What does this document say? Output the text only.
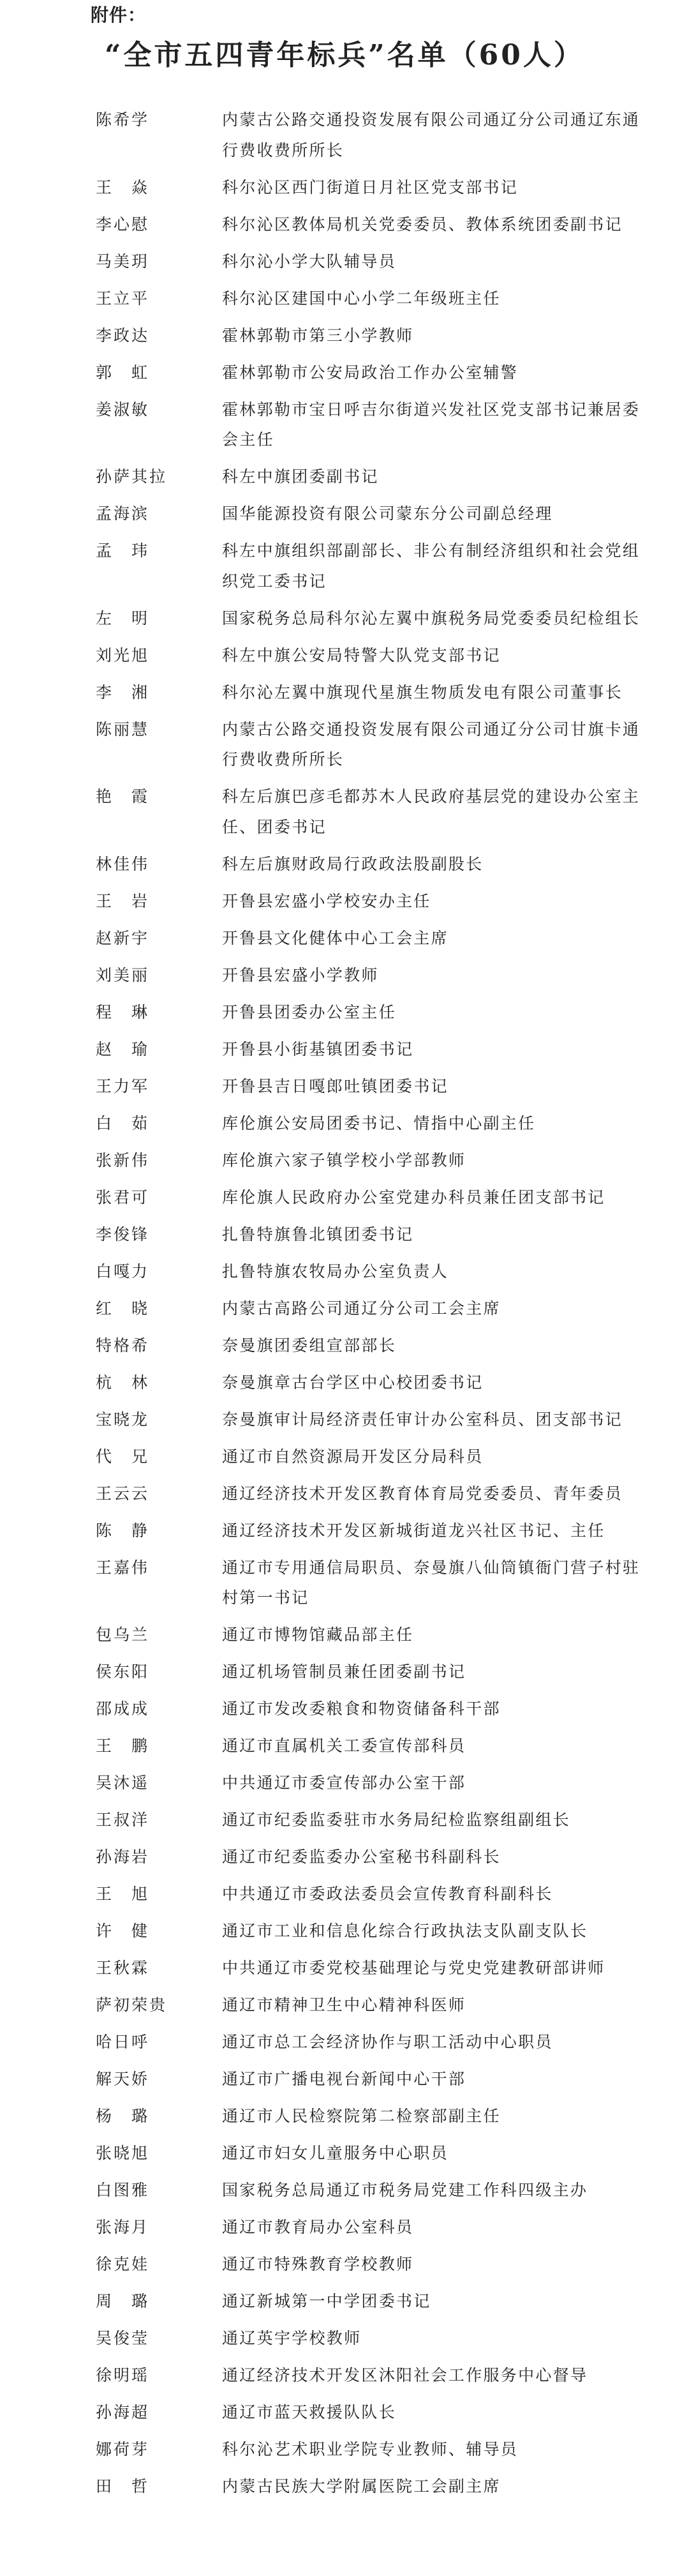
附件：
“全市五四青年标兵”名单（60人）
陈希学	内蒙古公路交通投资发展有限公司通辽分公司通辽东通行费收费所所长
王　焱	科尔沁区西门街道日月社区党支部书记
李心慰	科尔沁区教体局机关党委委员、教体系统团委副书记
马美玥	科尔沁小学大队辅导员
王立平	科尔沁区建国中心小学二年级班主任
李政达	霍林郭勒市第三小学教师
郭　虹	霍林郭勒市公安局政治工作办公室辅警
姜淑敏	霍林郭勒市宝日呼吉尔街道兴发社区党支部书记兼居委会主任
孙萨其拉	科左中旗团委副书记
孟海滨	国华能源投资有限公司蒙东分公司副总经理
孟　玮	科左中旗组织部副部长、非公有制经济组织和社会党组织党工委书记
左　明	国家税务总局科尔沁左翼中旗税务局党委委员纪检组长
刘光旭	科左中旗公安局特警大队党支部书记
李　湘	科尔沁左翼中旗现代星旗生物质发电有限公司董事长
陈丽慧	内蒙古公路交通投资发展有限公司通辽分公司甘旗卡通行费收费所所长
艳　霞	科左后旗巴彦毛都苏木人民政府基层党的建设办公室主任、团委书记
林佳伟	科左后旗财政局行政政法股副股长
王　岩	开鲁县宏盛小学校安办主任
赵新宇	开鲁县文化健体中心工会主席
刘美丽	开鲁县宏盛小学教师
程　琳	开鲁县团委办公室主任
赵　瑜	开鲁县小街基镇团委书记
王力军	开鲁县吉日嘎郎吐镇团委书记
白　茹	库伦旗公安局团委书记、情指中心副主任
张新伟	库伦旗六家子镇学校小学部教师
张君可	库伦旗人民政府办公室党建办科员兼任团支部书记
李俊锋	扎鲁特旗鲁北镇团委书记
白嘎力	扎鲁特旗农牧局办公室负责人
红　晓	内蒙古高路公司通辽分公司工会主席
特格希	奈曼旗团委组宣部部长
杭　林	奈曼旗章古台学区中心校团委书记
宝晓龙	奈曼旗审计局经济责任审计办公室科员、团支部书记
代　兄	通辽市自然资源局开发区分局科员
王云云	通辽经济技术开发区教育体育局党委委员、青年委员
陈　静	通辽经济技术开发区新城街道龙兴社区书记、主任
王嘉伟	通辽市专用通信局职员、奈曼旗八仙筒镇衙门营子村驻村第一书记
包乌兰	通辽市博物馆藏品部主任
侯东阳	通辽机场管制员兼任团委副书记
邵成成	通辽市发改委粮食和物资储备科干部
王　鹏	通辽市直属机关工委宣传部科员
吴沐遥	中共通辽市委宣传部办公室干部
王叔洋	通辽市纪委监委驻市水务局纪检监察组副组长
孙海岩	通辽市纪委监委办公室秘书科副科长
王　旭	中共通辽市委政法委员会宣传教育科副科长
许　健	通辽市工业和信息化综合行政执法支队副支队长
王秋霖	中共通辽市委党校基础理论与党史党建教研部讲师
萨初荣贵	通辽市精神卫生中心精神科医师
哈日呼	通辽市总工会经济协作与职工活动中心职员
解天娇	通辽市广播电视台新闻中心干部
杨　璐	通辽市人民检察院第二检察部副主任
张晓旭	通辽市妇女儿童服务中心职员
白图雅	国家税务总局通辽市税务局党建工作科四级主办
张海月	通辽市教育局办公室科员
徐克娃	通辽市特殊教育学校教师
周　璐	通辽新城第一中学团委书记
吴俊莹	通辽英宇学校教师
徐明瑶	通辽经济技术开发区沐阳社会工作服务中心督导
孙海超	通辽市蓝天救援队队长
娜荷芽	科尔沁艺术职业学院专业教师、辅导员
田　哲	内蒙古民族大学附属医院工会副主席
